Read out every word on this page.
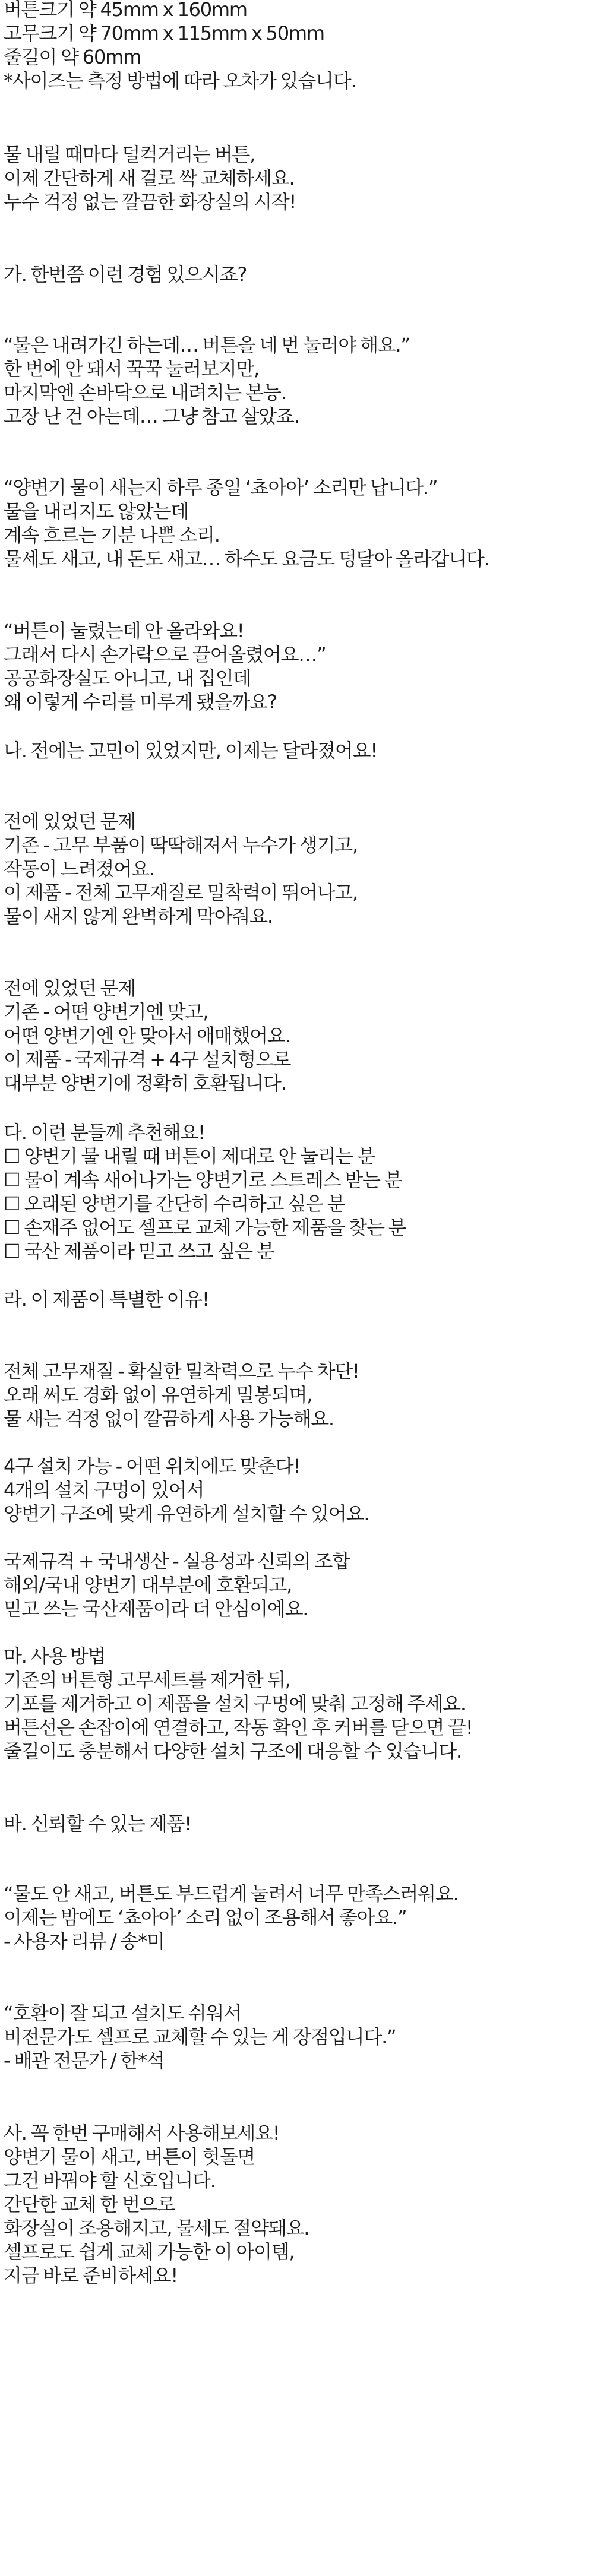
버튼크기 약 45mm x 160mm
고무크기 약 70mm x 115mm x 50mm
줄길이 약 60mm
*사이즈는 측정 방법에 따라 오차가 있습니다.
물 내릴 때마다 덜컥거리는 버튼,
이제 간단하게 새 걸로 싹 교체하세요.
누수 걱정 없는 깔끔한 화장실의 시작!
가. 한번쯤 이런 경험 있으시죠?
“물은 내려가긴 하는데… 버튼을 네 번 눌러야 해요.”
한 번에 안 돼서 꾹꾹 눌러보지만,
마지막엔 손바닥으로 내려치는 본능.
고장 난 건 아는데… 그냥 참고 살았죠.
“양변기 물이 새는지 하루 종일 ‘쵸아아’ 소리만 납니다.”
물을 내리지도 않았는데
계속 흐르는 기분 나쁜 소리.
물세도 새고, 내 돈도 새고… 하수도 요금도 덩달아 올라갑니다.
“버튼이 눌렸는데 안 올라와요!
그래서 다시 손가락으로 끌어올렸어요…”
공공화장실도 아니고, 내 집인데
왜 이렇게 수리를 미루게 됐을까요?
나. 전에는 고민이 있었지만, 이제는 달라졌어요!
전에 있었던 문제
기존 - 고무 부품이 딱딱해져서 누수가 생기고,
작동이 느려졌어요.
이 제품 - 전체 고무재질로 밀착력이 뛰어나고,
물이 새지 않게 완벽하게 막아줘요.
전에 있었던 문제
기존 - 어떤 양변기엔 맞고,
어떤 양변기엔 안 맞아서 애매했어요.
이 제품 - 국제규격 + 4구 설치형으로
대부분 양변기에 정확히 호환됩니다.
다. 이런 분들께 추천해요!
☐ 양변기 물 내릴 때 버튼이 제대로 안 눌리는 분
☐ 물이 계속 새어나가는 양변기로 스트레스 받는 분
☐ 오래된 양변기를 간단히 수리하고 싶은 분
☐ 손재주 없어도 셀프로 교체 가능한 제품을 찾는 분
☐ 국산 제품이라 믿고 쓰고 싶은 분
라. 이 제품이 특별한 이유!
전체 고무재질 - 확실한 밀착력으로 누수 차단!
오래 써도 경화 없이 유연하게 밀봉되며,
물 새는 걱정 없이 깔끔하게 사용 가능해요.
4구 설치 가능 - 어떤 위치에도 맞춘다!
4개의 설치 구멍이 있어서
양변기 구조에 맞게 유연하게 설치할 수 있어요.
국제규격 + 국내생산 - 실용성과 신뢰의 조합
해외/국내 양변기 대부분에 호환되고,
믿고 쓰는 국산제품이라 더 안심이에요.
마. 사용 방법
기존의 버튼형 고무세트를 제거한 뒤,
기포를 제거하고 이 제품을 설치 구멍에 맞춰 고정해 주세요.
버튼선은 손잡이에 연결하고, 작동 확인 후 커버를 닫으면 끝!
줄길이도 충분해서 다양한 설치 구조에 대응할 수 있습니다.
바. 신뢰할 수 있는 제품!
“물도 안 새고, 버튼도 부드럽게 눌려서 너무 만족스러워요.
이제는 밤에도 ‘쵸아아’ 소리 없이 조용해서 좋아요.”
- 사용자 리뷰 / 송*미
“호환이 잘 되고 설치도 쉬워서
비전문가도 셀프로 교체할 수 있는 게 장점입니다.”
- 배관 전문가 / 한*석
사. 꼭 한번 구매해서 사용해보세요!
양변기 물이 새고, 버튼이 헛돌면
그건 바꿔야 할 신호입니다.
간단한 교체 한 번으로
화장실이 조용해지고, 물세도 절약돼요.
셀프로도 쉽게 교체 가능한 이 아이템,
지금 바로 준비하세요!
